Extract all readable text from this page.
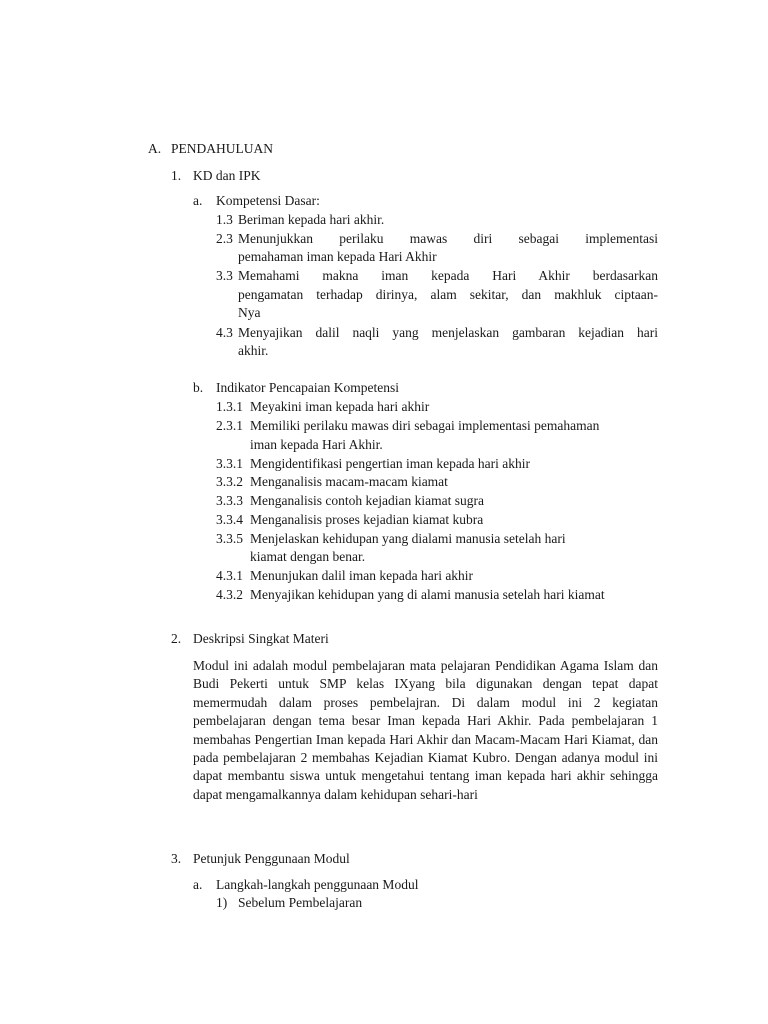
A. PENDAHULUAN
1. KD dan IPK
a. Kompetensi Dasar:
1.3 Beriman kepada hari akhir.
2.3 Menunjukkan perilaku mawas diri sebagai implementasi
pemahaman iman kepada Hari Akhir
3.3 Memahami makna iman kepada Hari Akhir berdasarkan
pengamatan terhadap dirinya, alam sekitar, dan makhluk ciptaan-
Nya
4.3 Menyajikan dalil naqli yang menjelaskan gambaran kejadian hari
akhir.
b. Indikator Pencapaian Kompetensi
1.3.1 Meyakini iman kepada hari akhir
2.3.1 Memiliki perilaku mawas diri sebagai implementasi pemahaman
iman kepada Hari Akhir.
3.3.1 Mengidentifikasi pengertian iman kepada hari akhir
3.3.2 Menganalisis macam-macam kiamat
3.3.3 Menganalisis contoh kejadian kiamat sugra
3.3.4 Menganalisis proses kejadian kiamat kubra
3.3.5 Menjelaskan kehidupan yang dialami manusia setelah hari
kiamat dengan benar.
4.3.1 Menunjukan dalil iman kepada hari akhir
4.3.2 Menyajikan kehidupan yang di alami manusia setelah hari kiamat
2. Deskripsi Singkat Materi
Modul ini adalah modul pembelajaran mata pelajaran Pendidikan Agama Islam dan Budi Pekerti untuk SMP kelas IXyang bila digunakan dengan tepat dapat memermudah dalam proses pembelajran. Di dalam modul ini 2 kegiatan pembelajaran dengan tema besar Iman kepada Hari Akhir. Pada pembelajaran 1 membahas Pengertian Iman kepada Hari Akhir dan Macam-Macam Hari Kiamat, dan pada pembelajaran 2 membahas Kejadian Kiamat Kubro. Dengan adanya modul ini dapat membantu siswa untuk mengetahui tentang iman kepada hari akhir sehingga dapat mengamalkannya dalam kehidupan sehari-hari
3. Petunjuk Penggunaan Modul
a. Langkah-langkah penggunaan Modul
1) Sebelum Pembelajaran
